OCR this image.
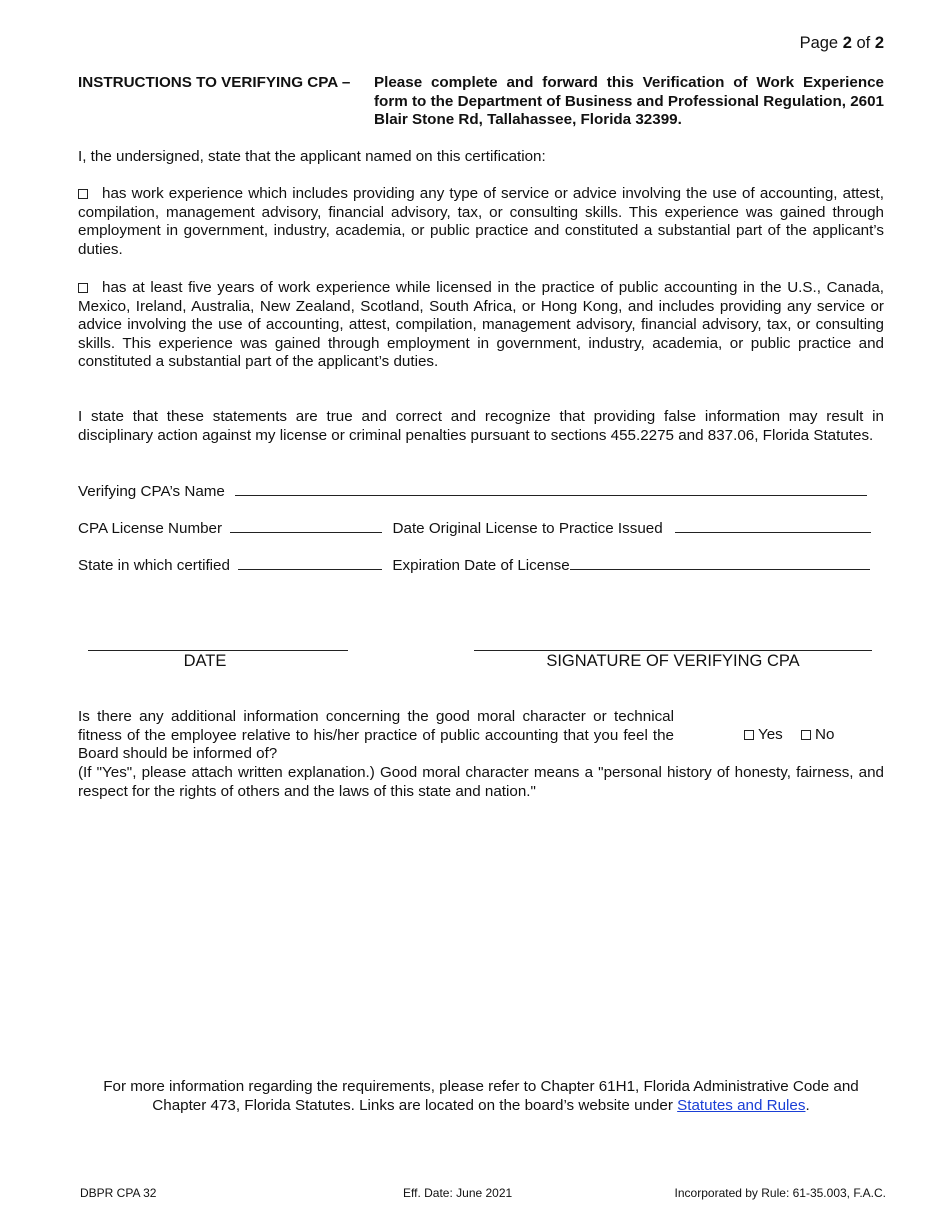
Page 2 of 2
INSTRUCTIONS TO VERIFYING CPA – Please complete and forward this Verification of Work Experience form to the Department of Business and Professional Regulation, 2601 Blair Stone Rd, Tallahassee, Florida 32399.
I, the undersigned, state that the applicant named on this certification:
has work experience which includes providing any type of service or advice involving the use of accounting, attest, compilation, management advisory, financial advisory, tax, or consulting skills. This experience was gained through employment in government, industry, academia, or public practice and constituted a substantial part of the applicant’s duties.
has at least five years of work experience while licensed in the practice of public accounting in the U.S., Canada, Mexico, Ireland, Australia, New Zealand, Scotland, South Africa, or Hong Kong, and includes providing any service or advice involving the use of accounting, attest, compilation, management advisory, financial advisory, tax, or consulting skills. This experience was gained through employment in government, industry, academia, or public practice and constituted a substantial part of the applicant’s duties.
I state that these statements are true and correct and recognize that providing false information may result in disciplinary action against my license or criminal penalties pursuant to sections 455.2275 and 837.06, Florida Statutes.
Verifying CPA’s Name
CPA License Number	Date Original License to Practice Issued
State in which certified	Expiration Date of License
DATE	SIGNATURE OF VERIFYING CPA
Is there any additional information concerning the good moral character or technical fitness of the employee relative to his/her practice of public accounting that you feel the Board should be informed of?
Yes No
(If "Yes", please attach written explanation.) Good moral character means a "personal history of honesty, fairness, and respect for the rights of others and the laws of this state and nation."
For more information regarding the requirements, please refer to Chapter 61H1, Florida Administrative Code and Chapter 473, Florida Statutes. Links are located on the board’s website under Statutes and Rules.
DBPR CPA 32	Eff. Date: June 2021	Incorporated by Rule: 61-35.003, F.A.C.
